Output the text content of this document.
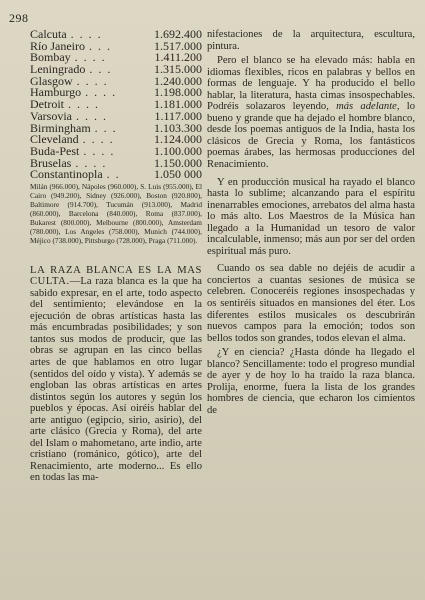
298
Calcuta . . . .	1.692.400
Río Janeiro . . .	1.517.000
Bombay . . . .	1.411.200
Leningrado . . .	1.315.000
Glasgow . . . .	1.240.000
Hamburgo . . . .	1.198.000
Detroit . . . .	1.181.000
Varsovia . . . .	1.117.000
Birmingham . . .	1.103.300
Cleveland . . . .	1.124.000
Buda-Pest . . . .	1.100.000
Bruselas . . . .	1.150.000
Constantinopla . .	1.050 000
Milán (966.000), Nápoles (960.000), S. Luis (955.000), El Cairo (949.200), Sidney (926.000), Boston (920.800), Baltimore (914.700), Tucumán (913.000), Madrid (860.000), Barcelona (840.000), Roma (837.000), Bukarest (800.000), Melbourne (800.000), Amsterdam (780.000), Los Angeles (758.000), Munich (744.000), Méjico (738.000), Pittsburgo (728.000), Praga (711.000).
LA RAZA BLANCA ES LA MAS CULTA.—La raza blanca es la que ha sabido expresar, en el arte, todo aspecto del sentimiento; elevándose en la ejecución de obras artísticas hasta las más encumbradas posibilidades; y son tantos sus modos de producir, que las obras se agrupan en las cinco bellas artes de que hablamos en otro lugar (sentidos del oído y vista). Y además se engloban las obras artísticas en artes distintos según los autores y según los pueblos y épocas. Así oiréis hablar del arte antiguo (egipcio, sirio, asirio), del arte clásico (Grecia y Roma), del arte del Islam o mahometano, arte indio, arte cristiano (románico, gótico), arte del Renacimiento, arte moderno... Es ello en todas las ma-

nifestaciones de la arquitectura, escultura, pintura.

Pero el blanco se ha elevado más: habla en idiomas flexibles, ricos en palabras y bellos en formas de lenguaje. Y ha producido el bello hablar, la literatura, hasta cimas insospechables. Podréis solazaros leyendo, más adelante, lo bueno y grande que ha dejado el hombre blanco, desde los poemas antiguos de la India, hasta los clásicos de Grecia y Roma, los fantásticos poemas árabes, las hermosas producciones del Renacimiento.

Y en producción musical ha rayado el blanco hasta lo sublime; alcanzando para el espíritu inenarrables emociones, arrebatos del alma hasta lo más alto. Los Maestros de la Música han llegado a la Humanidad un tesoro de valor incalculable, inmenso; más aun por ser del orden espiritual más puro.

Cuando os sea dable no dejéis de acudir a conciertos a cuantas sesiones de música se celebren. Conoceréis regiones insospechadas y os sentiréis situados en mansiones del éter. Los diferentes estilos musicales os descubrirán nuevos campos para la emoción; todos son bellos todos son grandes, todos elevan el alma.

¿Y en ciencia? ¿Hasta dónde ha llegado el blanco? Sencillamente: todo el progreso mundial de ayer y de hoy lo ha traído la raza blanca. Prolija, enorme, fuera la lista de los grandes hombres de ciencia, que echaron los cimientos de
